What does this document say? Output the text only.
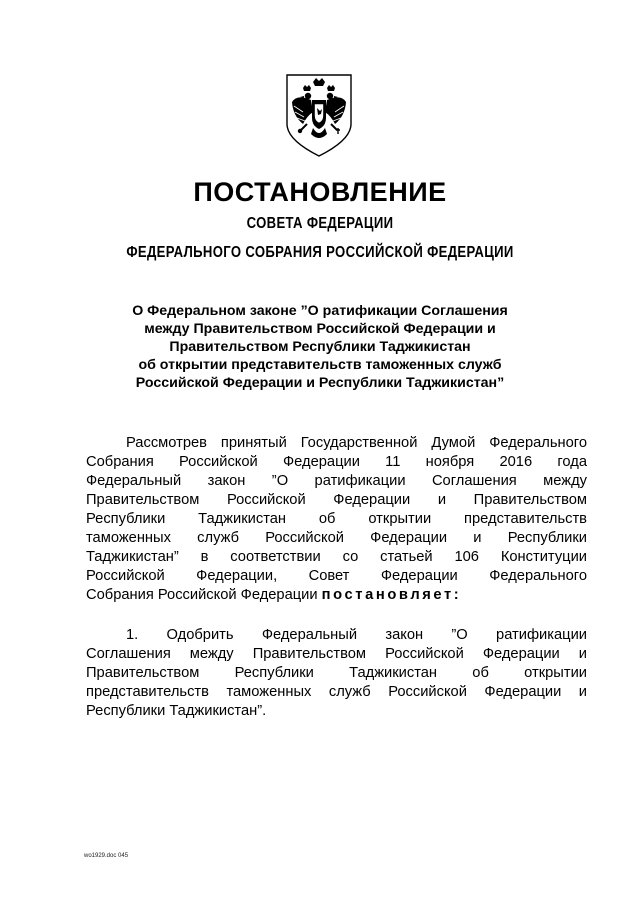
ПОСТАНОВЛЕНИЕ
СОВЕТА ФЕДЕРАЦИИ
ФЕДЕРАЛЬНОГО СОБРАНИЯ РОССИЙСКОЙ ФЕДЕРАЦИИ
О Федеральном законе ”О ратификации Соглашения
между Правительством Российской Федерации и
Правительством Республики Таджикистан
об открытии представительств таможенных служб
Российской Федерации и Республики Таджикистан”
Рассмотрев принятый Государственной Думой Федерального
Собрания Российской Федерации 11 ноября 2016 года
Федеральный закон ”О ратификации Соглашения между
Правительством Российской Федерации и Правительством
Республики Таджикистан об открытии представительств
таможенных служб Российской Федерации и Республики
Таджикистан” в соответствии со статьей 106 Конституции
Российской Федерации, Совет Федерации Федерального
Собрания Российской Федерации постановляет:
1. Одобрить Федеральный закон ”О ратификации
Соглашения между Правительством Российской Федерации и
Правительством Республики Таджикистан об открытии
представительств таможенных служб Российской Федерации и
Республики Таджикистан”.
wo1929.doc 045
